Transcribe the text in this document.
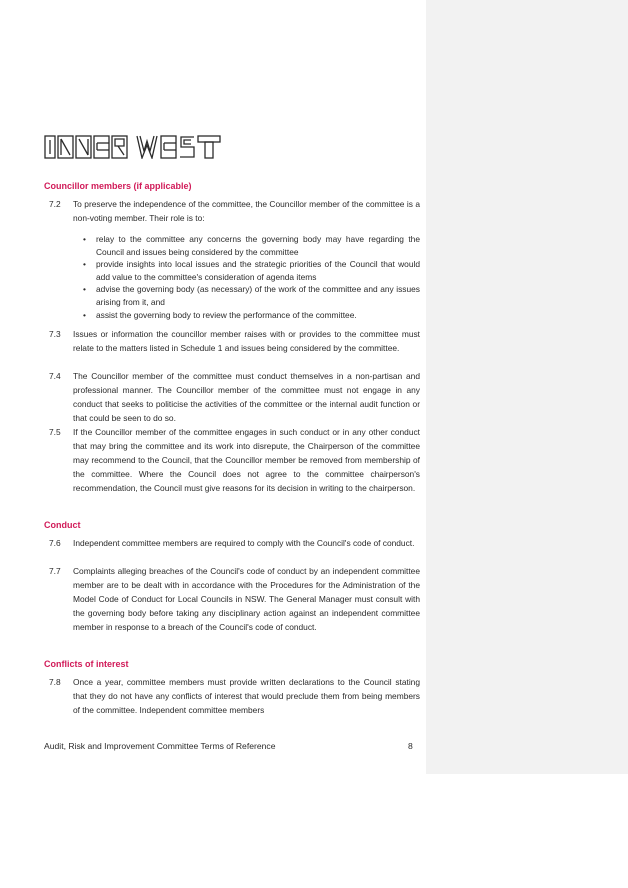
Councillor members (if applicable)
7.2 To preserve the independence of the committee, the Councillor member of the committee is a non-voting member. Their role is to:
• relay to the committee any concerns the governing body may have regarding the Council and issues being considered by the committee
• provide insights into local issues and the strategic priorities of the Council that would add value to the committee's consideration of agenda items
• advise the governing body (as necessary) of the work of the committee and any issues arising from it, and
• assist the governing body to review the performance of the committee.
7.3 Issues or information the councillor member raises with or provides to the committee must relate to the matters listed in Schedule 1 and issues being considered by the committee.
7.4 The Councillor member of the committee must conduct themselves in a non-partisan and professional manner. The Councillor member of the committee must not engage in any conduct that seeks to politicise the activities of the committee or the internal audit function or that could be seen to do so.
7.5 If the Councillor member of the committee engages in such conduct or in any other conduct that may bring the committee and its work into disrepute, the Chairperson of the committee may recommend to the Council, that the Councillor member be removed from membership of the committee. Where the Council does not agree to the committee chairperson's recommendation, the Council must give reasons for its decision in writing to the chairperson.
Conduct
7.6 Independent committee members are required to comply with the Council's code of conduct.
7.7 Complaints alleging breaches of the Council's code of conduct by an independent committee member are to be dealt with in accordance with the Procedures for the Administration of the Model Code of Conduct for Local Councils in NSW. The General Manager must consult with the governing body before taking any disciplinary action against an independent committee member in response to a breach of the Council's code of conduct.
Conflicts of interest
7.8 Once a year, committee members must provide written declarations to the Council stating that they do not have any conflicts of interest that would preclude them from being members of the committee. Independent committee members
Audit, Risk and Improvement Committee Terms of Reference	8
